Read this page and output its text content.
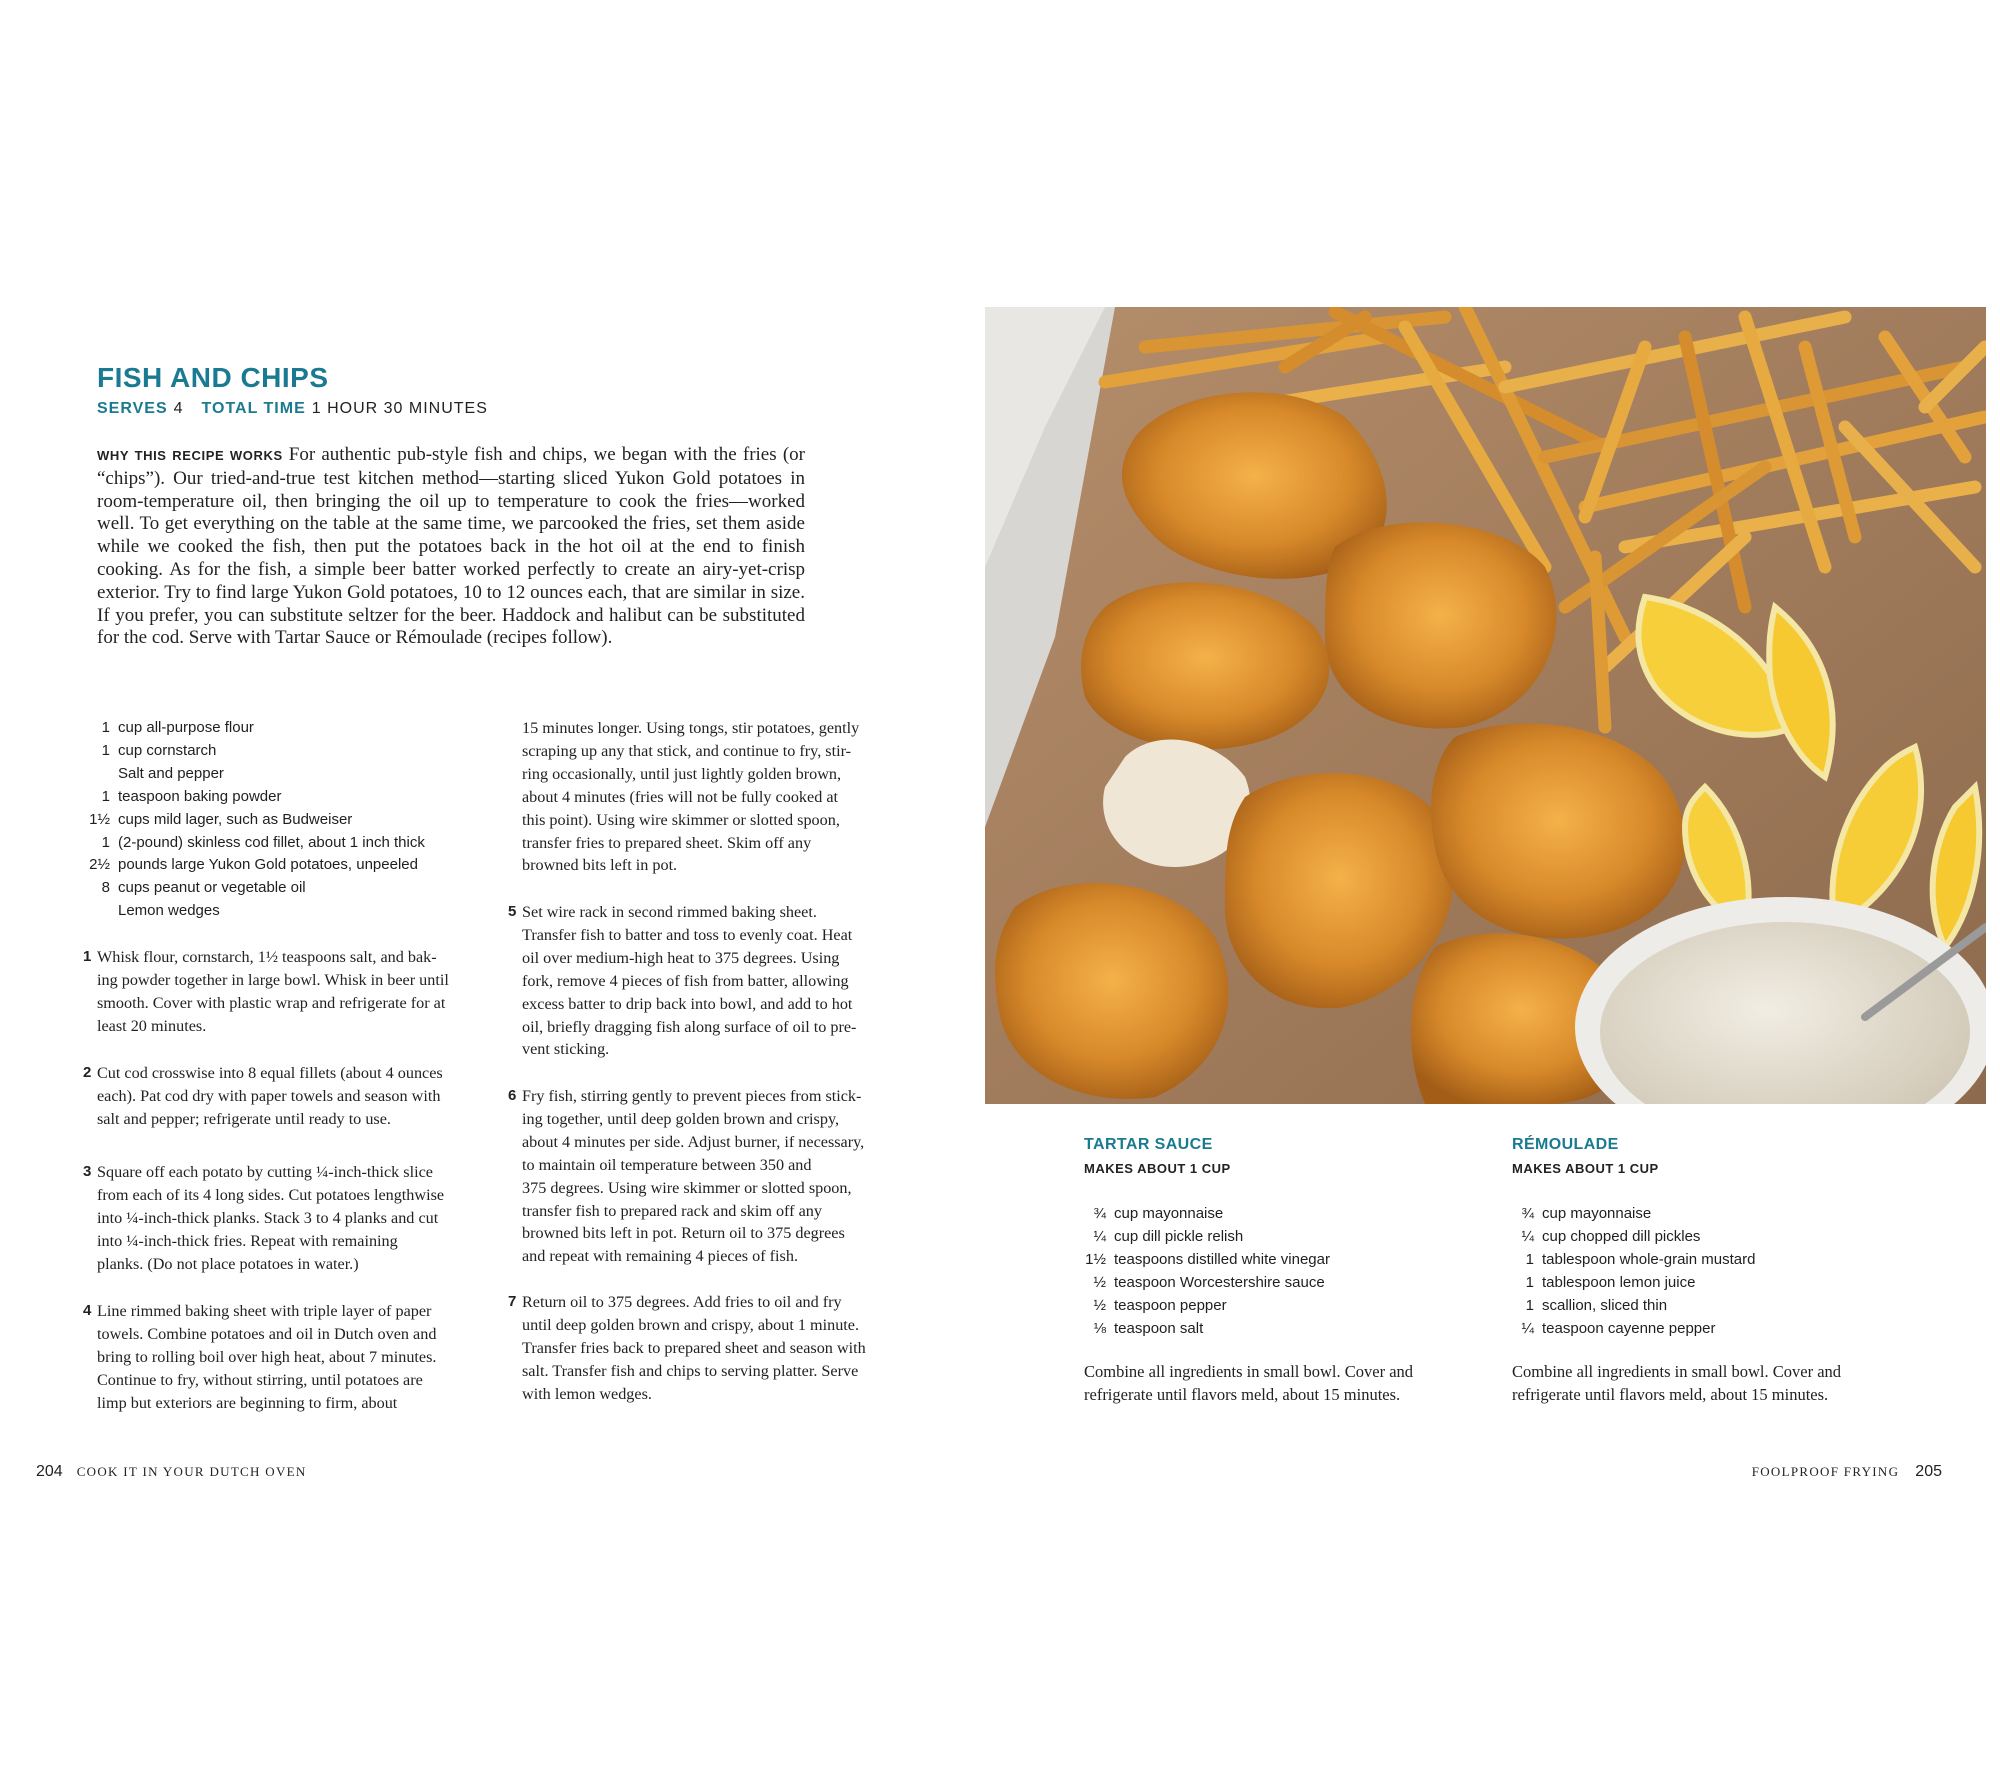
FISH AND CHIPS
SERVES 4 TOTAL TIME 1 HOUR 30 MINUTES

WHY THIS RECIPE WORKS For authentic pub-style fish and chips, we began with the fries (or “chips”). Our tried-and-true test kitchen method—starting sliced Yukon Gold potatoes in room-temperature oil, then bringing the oil up to temperature to cook the fries—worked well. To get everything on the table at the same time, we parcooked the fries, set them aside while we cooked the fish, then put the potatoes back in the hot oil at the end to finish cooking. As for the fish, a simple beer batter worked perfectly to create an airy-yet-crisp exterior. Try to find large Yukon Gold potatoes, 10 to 12 ounces each, that are similar in size. If you prefer, you can substitute seltzer for the beer. Haddock and halibut can be substituted for the cod. Serve with Tartar Sauce or Rémoulade (recipes follow).

1 cup all-purpose flour
1 cup cornstarch
Salt and pepper
1 teaspoon baking powder
1½ cups mild lager, such as Budweiser
1 (2-pound) skinless cod fillet, about 1 inch thick
2½ pounds large Yukon Gold potatoes, unpeeled
8 cups peanut or vegetable oil
Lemon wedges
1 Whisk flour, cornstarch, 1½ teaspoons salt, and bak-
ing powder together in large bowl. Whisk in beer until
smooth. Cover with plastic wrap and refrigerate for at
least 20 minutes.
2 Cut cod crosswise into 8 equal fillets (about 4 ounces
each). Pat cod dry with paper towels and season with
salt and pepper; refrigerate until ready to use.
3 Square off each potato by cutting ¼-inch-thick slice
from each of its 4 long sides. Cut potatoes lengthwise
into ¼-inch-thick planks. Stack 3 to 4 planks and cut
into ¼-inch-thick fries. Repeat with remaining
planks. (Do not place potatoes in water.)
4 Line rimmed baking sheet with triple layer of paper
towels. Combine potatoes and oil in Dutch oven and
bring to rolling boil over high heat, about 7 minutes.
Continue to fry, without stirring, until potatoes are
limp but exteriors are beginning to firm, about
15 minutes longer. Using tongs, stir potatoes, gently
scraping up any that stick, and continue to fry, stir-
ring occasionally, until just lightly golden brown,
about 4 minutes (fries will not be fully cooked at
this point). Using wire skimmer or slotted spoon,
transfer fries to prepared sheet. Skim off any
browned bits left in pot.
5 Set wire rack in second rimmed baking sheet.
Transfer fish to batter and toss to evenly coat. Heat
oil over medium-high heat to 375 degrees. Using
fork, remove 4 pieces of fish from batter, allowing
excess batter to drip back into bowl, and add to hot
oil, briefly dragging fish along surface of oil to pre-
vent sticking.
6 Fry fish, stirring gently to prevent pieces from stick-
ing together, until deep golden brown and crispy,
about 4 minutes per side. Adjust burner, if necessary,
to maintain oil temperature between 350 and
375 degrees. Using wire skimmer or slotted spoon,
transfer fish to prepared rack and skim off any
browned bits left in pot. Return oil to 375 degrees
and repeat with remaining 4 pieces of fish.
7 Return oil to 375 degrees. Add fries to oil and fry
until deep golden brown and crispy, about 1 minute.
Transfer fries back to prepared sheet and season with
salt. Transfer fish and chips to serving platter. Serve
with lemon wedges.
TARTAR SAUCE
MAKES ABOUT 1 CUP
¾ cup mayonnaise
¼ cup dill pickle relish
1½ teaspoons distilled white vinegar
½ teaspoon Worcestershire sauce
½ teaspoon pepper
⅛ teaspoon salt

Combine all ingredients in small bowl. Cover and
refrigerate until flavors meld, about 15 minutes.

RÉMOULADE
MAKES ABOUT 1 CUP
¾ cup mayonnaise
¼ cup chopped dill pickles
1 tablespoon whole-grain mustard
1 tablespoon lemon juice
1 scallion, sliced thin
¼ teaspoon cayenne pepper

Combine all ingredients in small bowl. Cover and
refrigerate until flavors meld, about 15 minutes.

204 COOK IT IN YOUR DUTCH OVEN	FOOLPROOF FRYING 205
